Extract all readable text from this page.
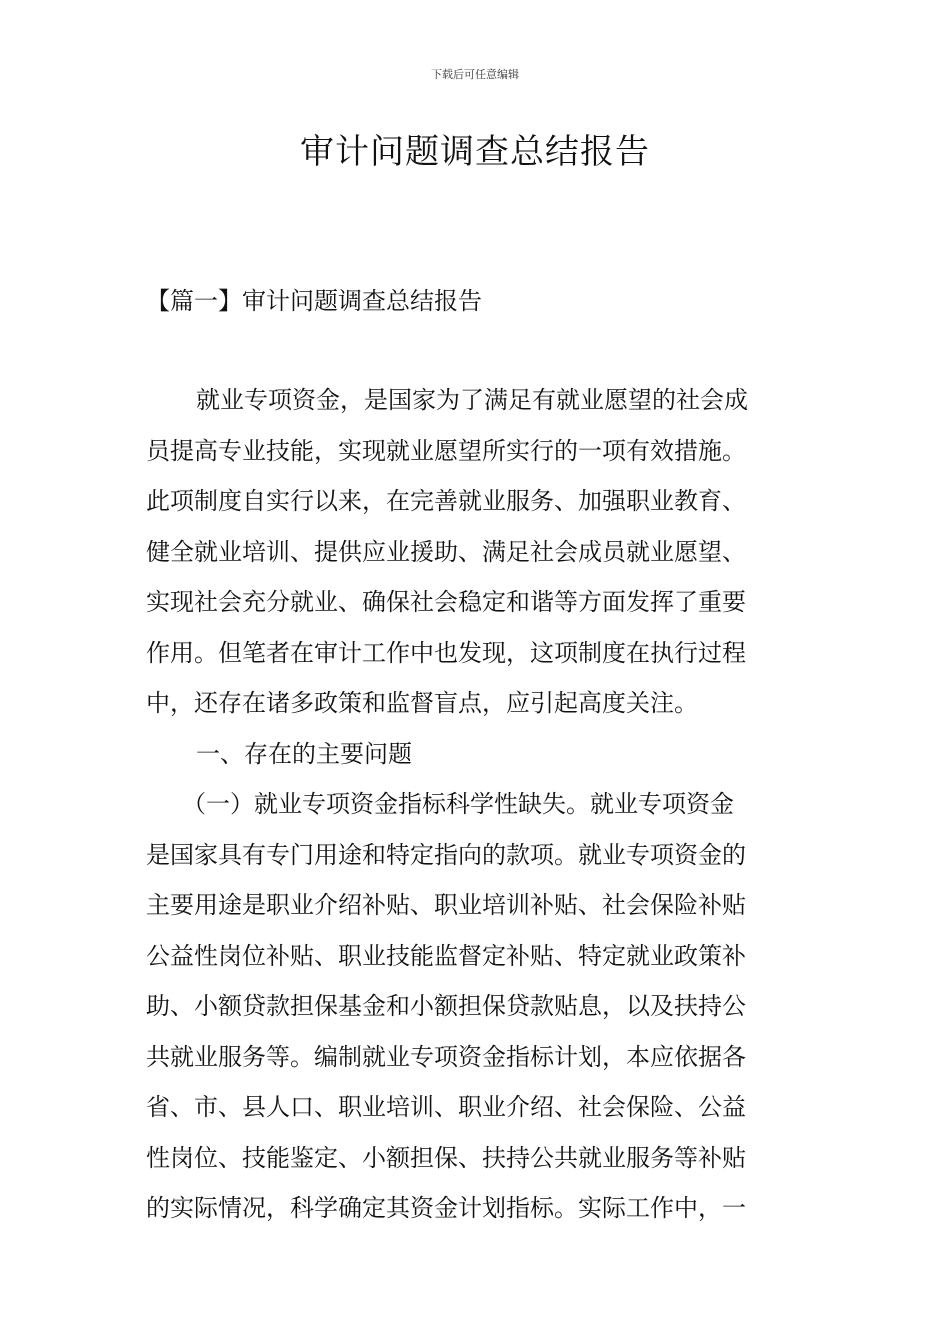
下载后可任意编辑
审计问题调查总结报告
【篇一】审计问题调查总结报告
就业专项资金，是国家为了满足有就业愿望的社会成
员提高专业技能，实现就业愿望所实行的一项有效措施。
此项制度自实行以来，在完善就业服务、加强职业教育、
健全就业培训、提供应业援助、满足社会成员就业愿望、
实现社会充分就业、确保社会稳定和谐等方面发挥了重要
作用。但笔者在审计工作中也发现，这项制度在执行过程
中，还存在诸多政策和监督盲点，应引起高度关注。
一、存在的主要问题
（一）就业专项资金指标科学性缺失。就业专项资金
是国家具有专门用途和特定指向的款项。就业专项资金的
主要用途是职业介绍补贴、职业培训补贴、社会保险补贴
公益性岗位补贴、职业技能监督定补贴、特定就业政策补
助、小额贷款担保基金和小额担保贷款贴息，以及扶持公
共就业服务等。编制就业专项资金指标计划，本应依据各
省、市、县人口、职业培训、职业介绍、社会保险、公益
性岗位、技能鉴定、小额担保、扶持公共就业服务等补贴
的实际情况，科学确定其资金计划指标。实际工作中，一
